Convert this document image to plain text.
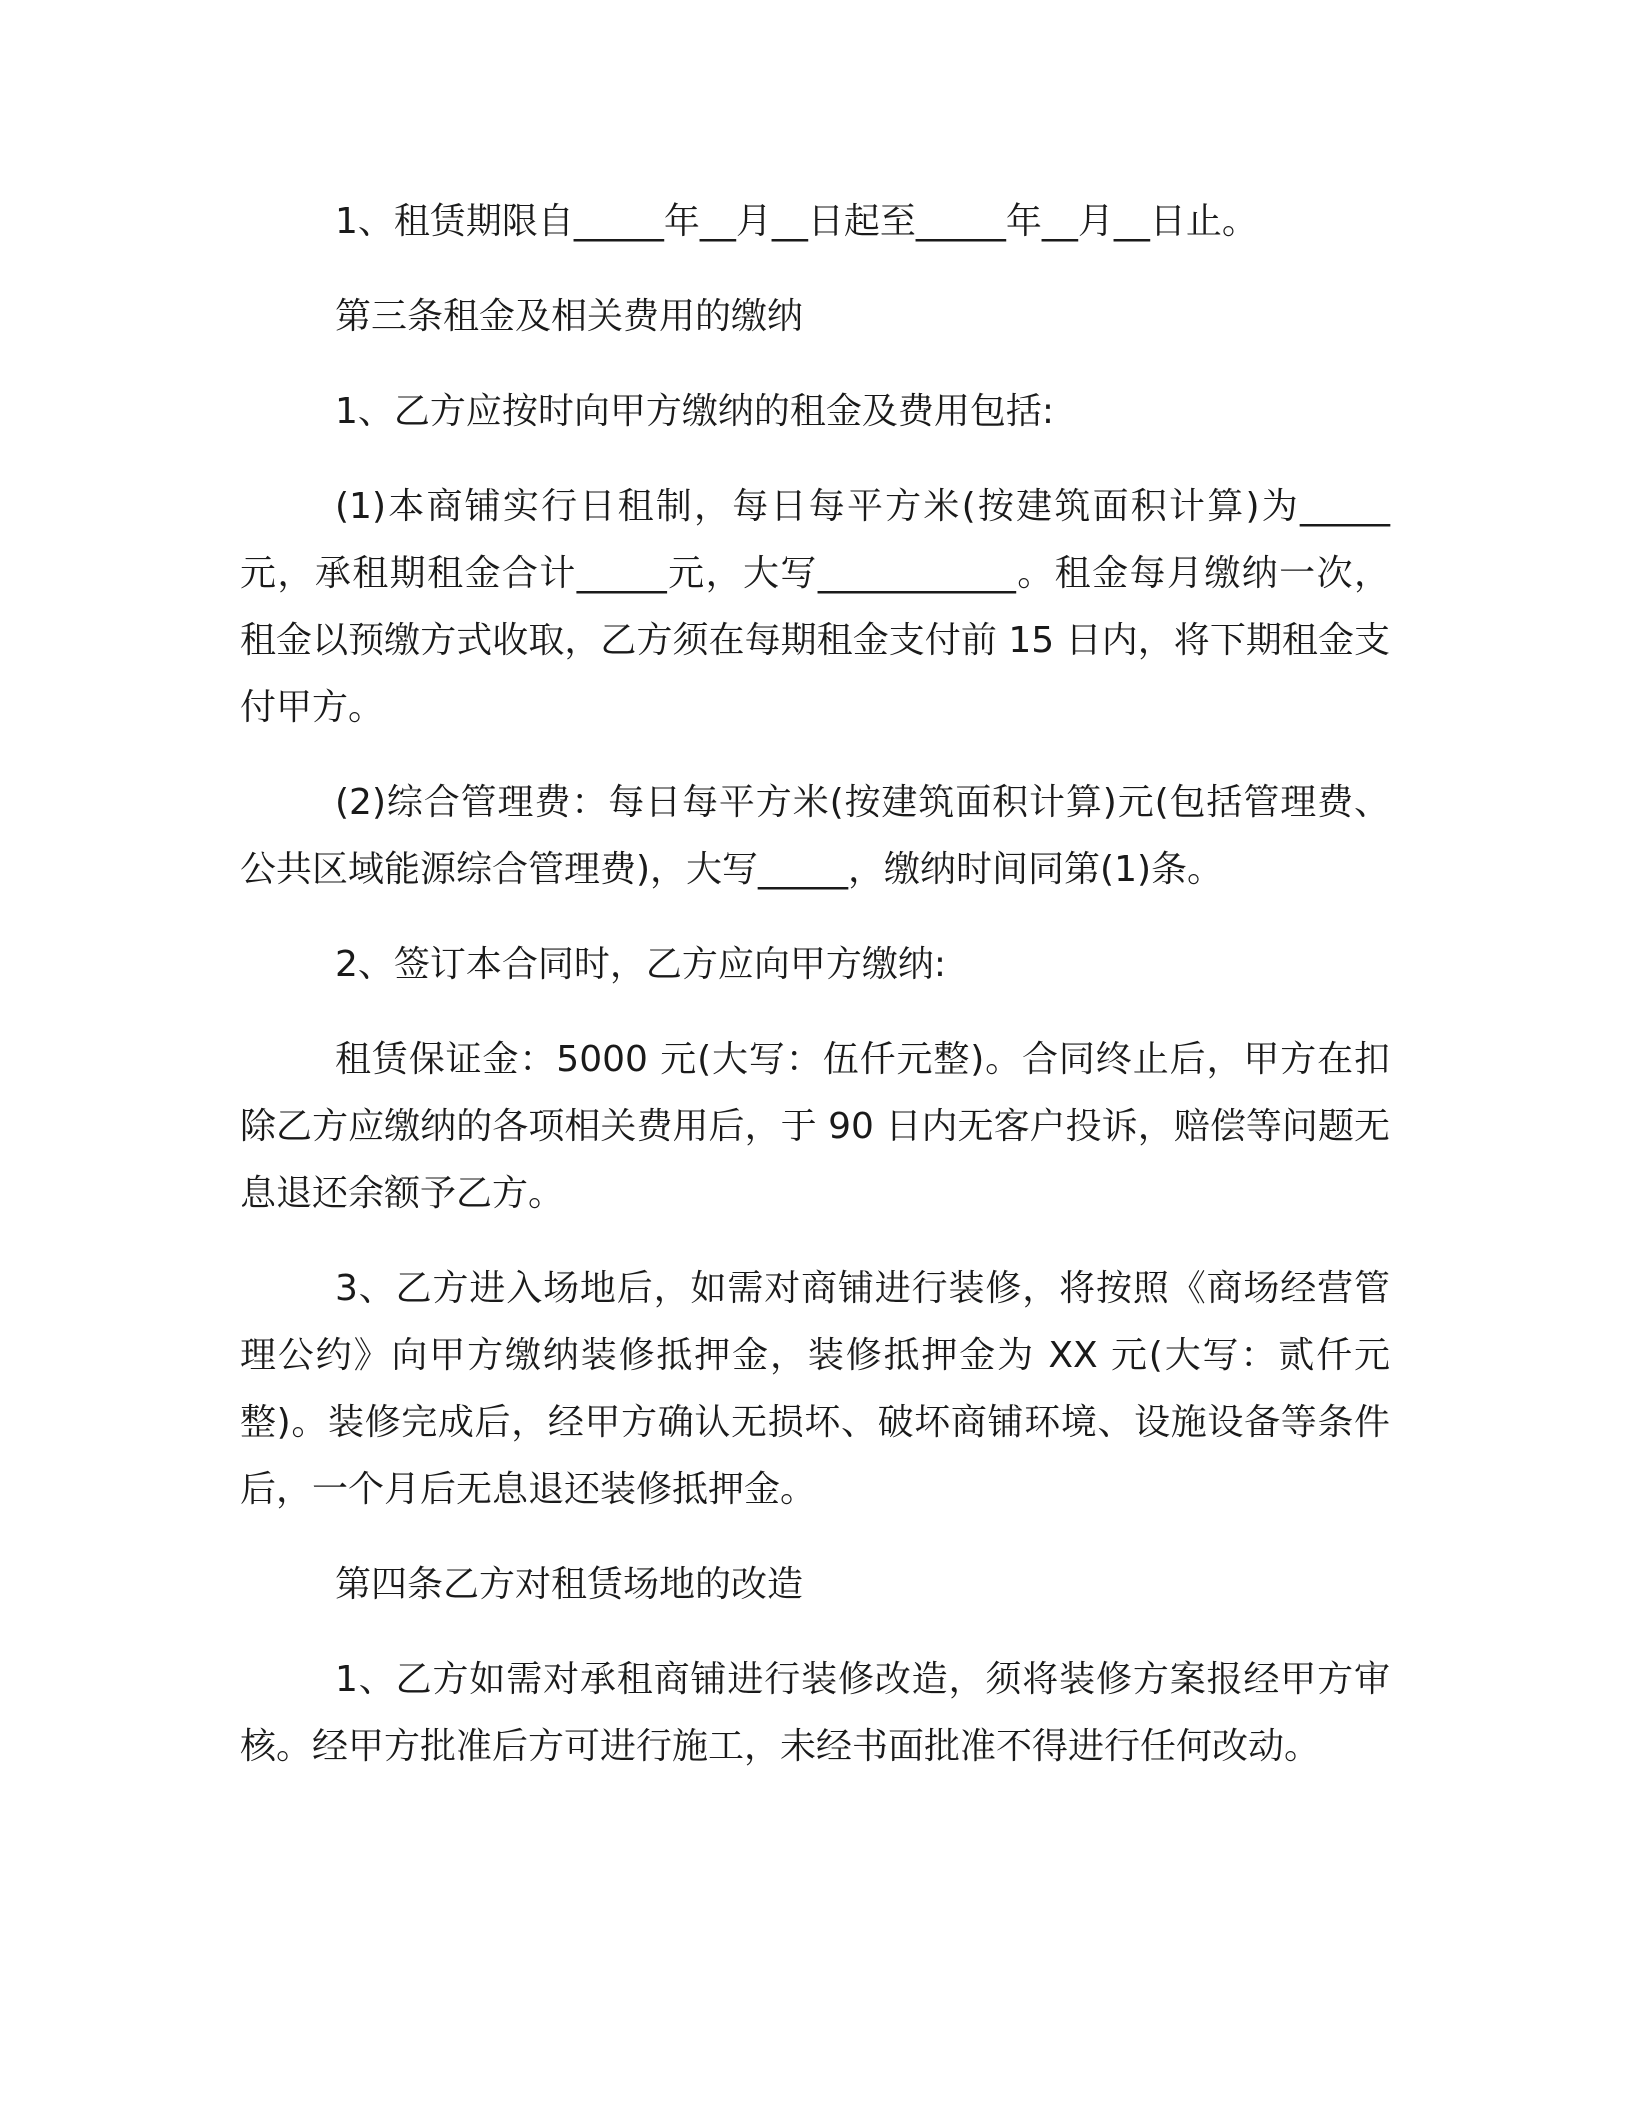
1、租赁期限自_____年__月__日起至_____年__月__日止。

第三条租金及相关费用的缴纳

1、乙方应按时向甲方缴纳的租金及费用包括:

(1)本商铺实行日租制，每日每平方米(按建筑面积计算)为_____元，承租期租金合计_____元，大写___________。租金每月缴纳一次，租金以预缴方式收取，乙方须在每期租金支付前 15 日内，将下期租金支付甲方。

(2)综合管理费：每日每平方米(按建筑面积计算)元(包括管理费、公共区域能源综合管理费)，大写_____，缴纳时间同第(1)条。

2、签订本合同时，乙方应向甲方缴纳:

租赁保证金：5000 元(大写：伍仟元整)。合同终止后，甲方在扣除乙方应缴纳的各项相关费用后，于 90 日内无客户投诉，赔偿等问题无息退还余额予乙方。

3、乙方进入场地后，如需对商铺进行装修，将按照《商场经营管理公约》向甲方缴纳装修抵押金，装修抵押金为 XX 元(大写：贰仟元整)。装修完成后，经甲方确认无损坏、破坏商铺环境、设施设备等条件后，一个月后无息退还装修抵押金。

第四条乙方对租赁场地的改造

1、乙方如需对承租商铺进行装修改造，须将装修方案报经甲方审核。经甲方批准后方可进行施工，未经书面批准不得进行任何改动。
